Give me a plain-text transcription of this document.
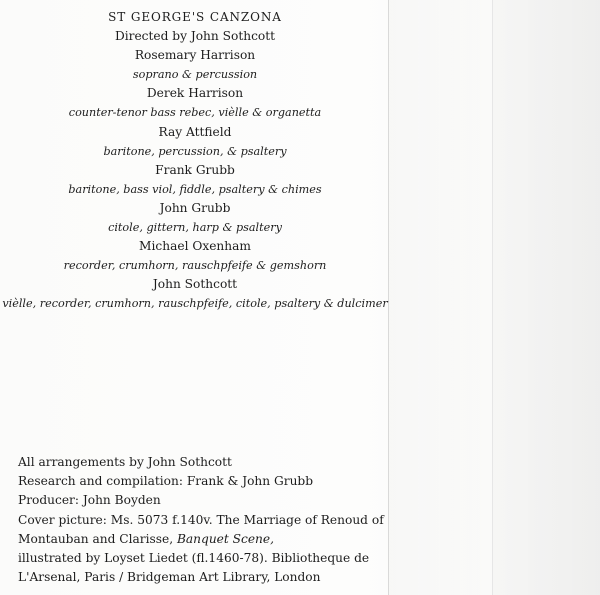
ST GEORGE'S CANZONA
Directed by John Sothcott
Rosemary Harrison
soprano & percussion
Derek Harrison
counter-tenor bass rebec, vièlle & organetta
Ray Attfield
baritone, percussion, & psaltery
Frank Grubb
baritone, bass viol, fiddle, psaltery & chimes
John Grubb
citole, gittern, harp & psaltery
Michael Oxenham
recorder, crumhorn, rauschpfeife & gemshorn
John Sothcott
vièlle, recorder, crumhorn, rauschpfeife, citole, psaltery & dulcimer
All arrangements by John Sothcott
Research and compilation: Frank & John Grubb
Producer: John Boyden
Cover picture: Ms. 5073 f.140v. The Marriage of Renoud of
Montauban and Clarisse, Banquet Scene,
illustrated by Loyset Liedet (fl.1460-78). Bibliotheque de
L'Arsenal, Paris / Bridgeman Art Library, London
